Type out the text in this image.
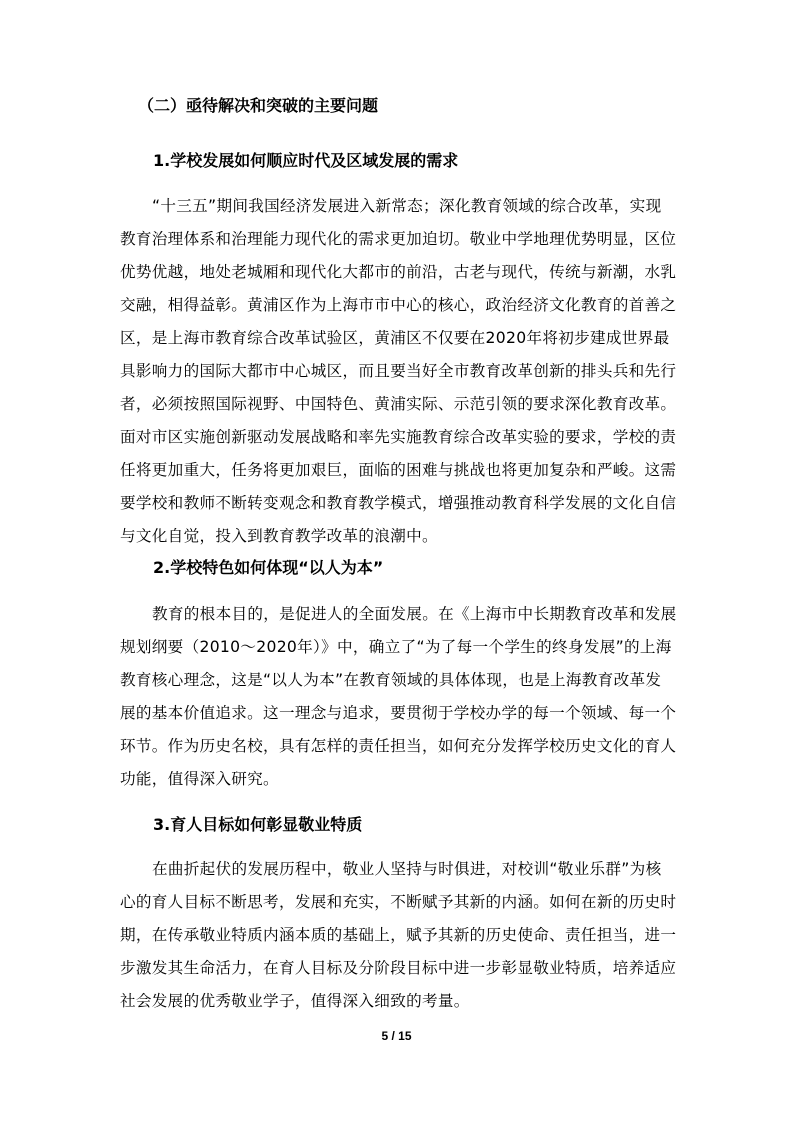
（二）亟待解决和突破的主要问题
1.学校发展如何顺应时代及区域发展的需求
“十三五”期间我国经济发展进入新常态；深化教育领域的综合改革，实现
教育治理体系和治理能力现代化的需求更加迫切。敬业中学地理优势明显，区位
优势优越，地处老城厢和现代化大都市的前沿，古老与现代，传统与新潮，水乳
交融，相得益彰。黄浦区作为上海市市中心的核心，政治经济文化教育的首善之
区，是上海市教育综合改革试验区，黄浦区不仅要在2020年将初步建成世界最
具影响力的国际大都市中心城区，而且要当好全市教育改革创新的排头兵和先行
者，必须按照国际视野、中国特色、黄浦实际、示范引领的要求深化教育改革。
面对市区实施创新驱动发展战略和率先实施教育综合改革实验的要求，学校的责
任将更加重大，任务将更加艰巨，面临的困难与挑战也将更加复杂和严峻。这需
要学校和教师不断转变观念和教育教学模式，增强推动教育科学发展的文化自信
与文化自觉，投入到教育教学改革的浪潮中。
2.学校特色如何体现“以人为本”
教育的根本目的，是促进人的全面发展。在《上海市中长期教育改革和发展
规划纲要（2010～2020年）》中，确立了“为了每一个学生的终身发展”的上海
教育核心理念，这是“以人为本”在教育领域的具体体现，也是上海教育改革发
展的基本价值追求。这一理念与追求，要贯彻于学校办学的每一个领域、每一个
环节。作为历史名校，具有怎样的责任担当，如何充分发挥学校历史文化的育人
功能，值得深入研究。
3.育人目标如何彰显敬业特质
在曲折起伏的发展历程中，敬业人坚持与时俱进，对校训“敬业乐群”为核
心的育人目标不断思考，发展和充实，不断赋予其新的内涵。如何在新的历史时
期，在传承敬业特质内涵本质的基础上，赋予其新的历史使命、责任担当，进一
步激发其生命活力，在育人目标及分阶段目标中进一步彰显敬业特质，培养适应
社会发展的优秀敬业学子，值得深入细致的考量。
5 / 15
